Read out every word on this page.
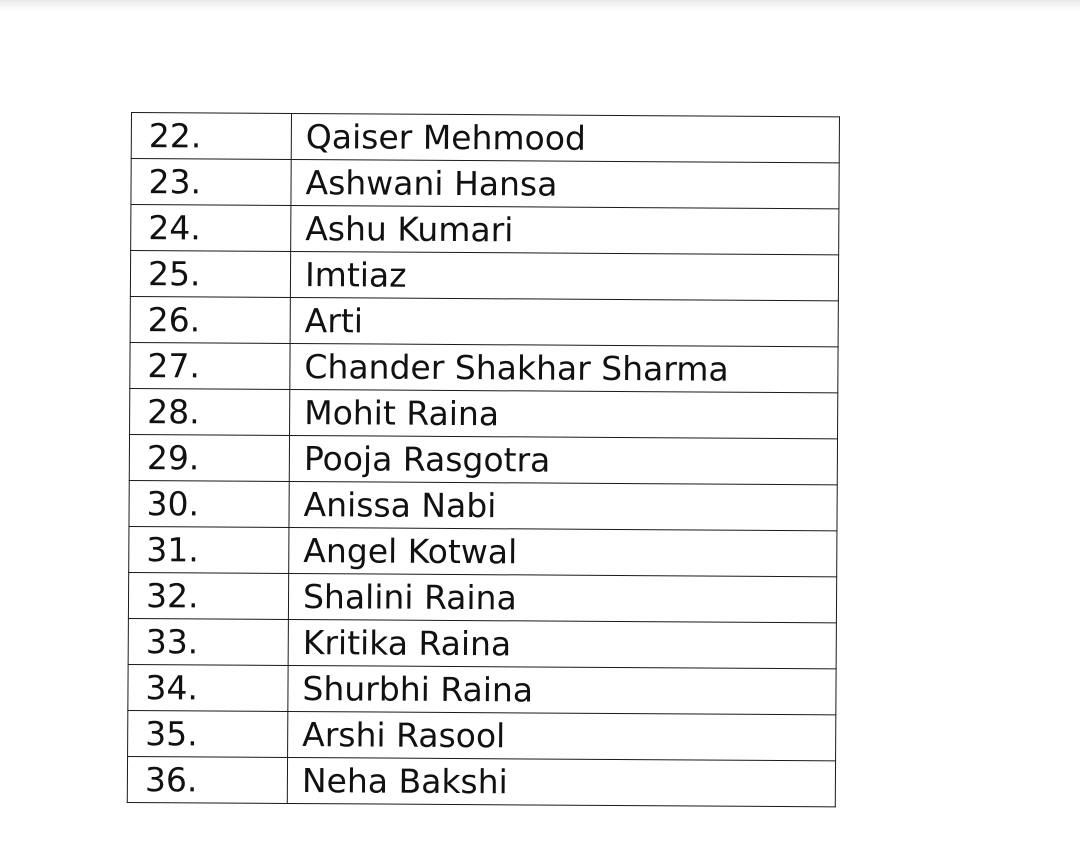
22.	Qaiser Mehmood
23.	Ashwani Hansa
24.	Ashu Kumari
25.	Imtiaz
26.	Arti
27.	Chander Shakhar Sharma
28.	Mohit Raina
29.	Pooja Rasgotra
30.	Anissa Nabi
31.	Angel Kotwal
32.	Shalini Raina
33.	Kritika Raina
34.	Shurbhi Raina
35.	Arshi Rasool
36.	Neha Bakshi
